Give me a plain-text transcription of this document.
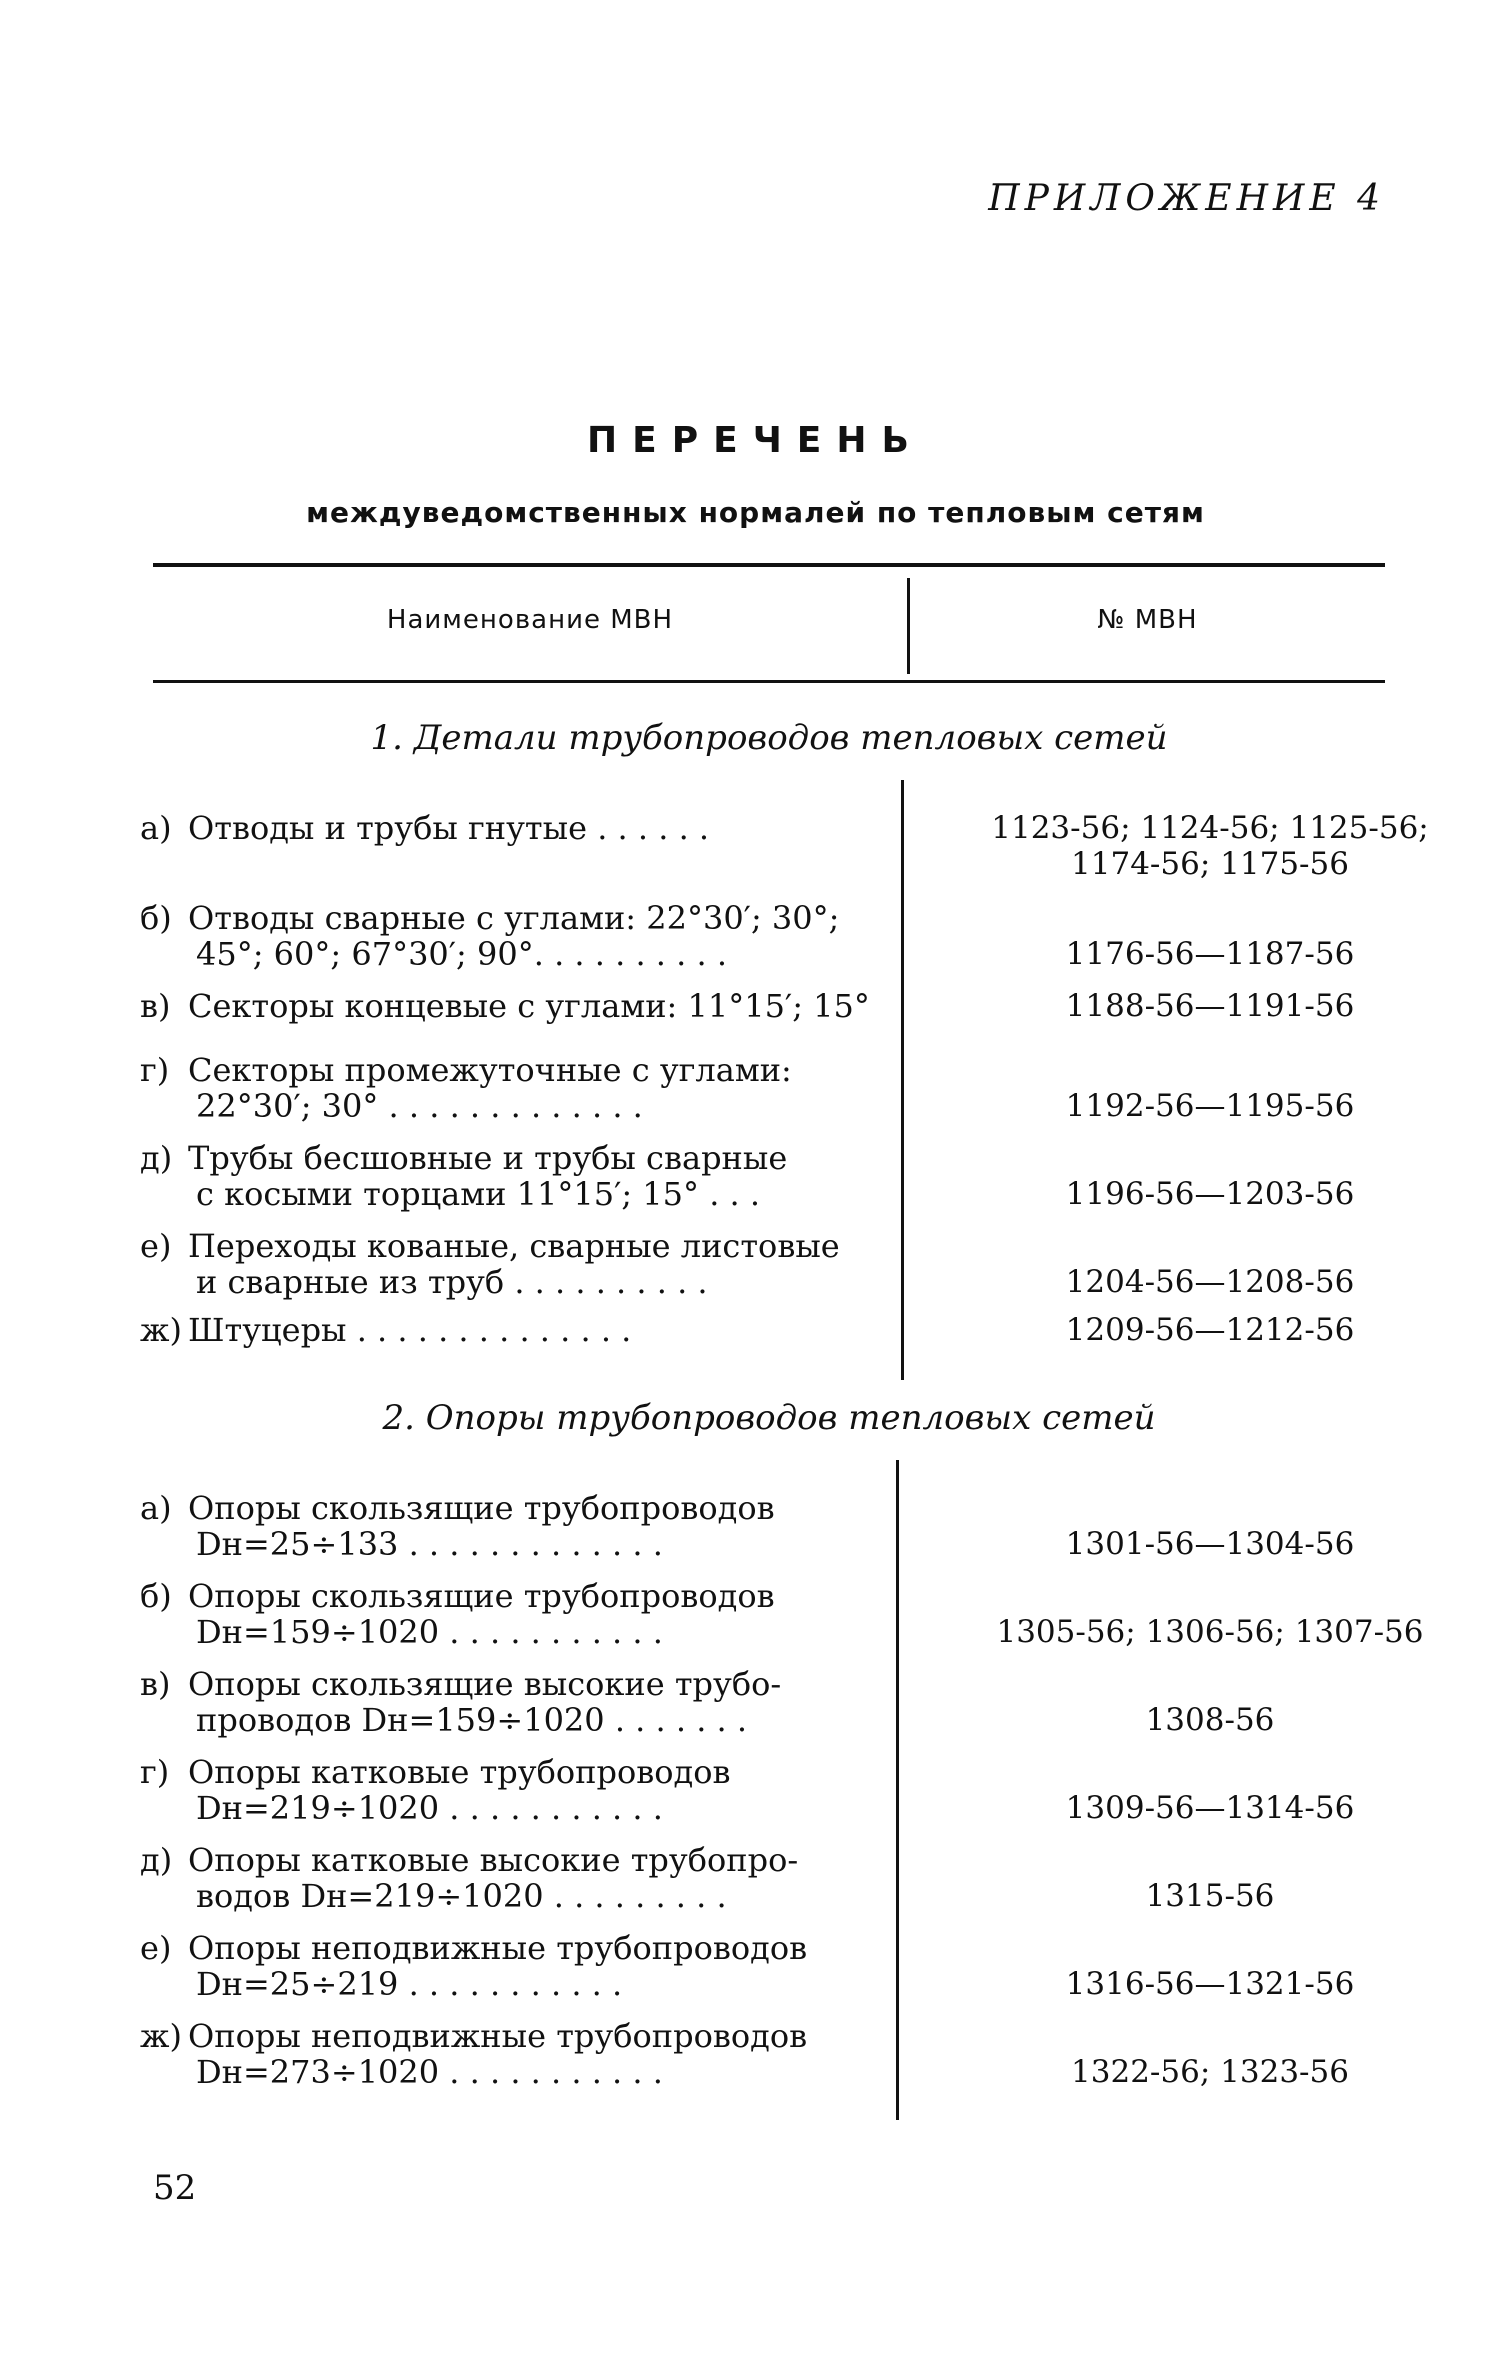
ПРИЛОЖЕНИЕ 4
ПЕРЕЧЕНЬ
междуведомственных нормалей по тепловым сетям
Наименование МВН	№ МВН
1. Детали трубопроводов тепловых сетей
а) Отводы и трубы гнутые . . . . . .	1123-56; 1124-56; 1125-56;
1174-56; 1175-56
б) Отводы сварные с углами: 22°30′; 30°;
45°; 60°; 67°30′; 90°. . . . . . . . . .	1176-56—1187-56
в) Секторы концевые с углами: 11°15′; 15°	1188-56—1191-56
г) Секторы промежуточные с углами:
22°30′; 30° . . . . . . . . . . . . .	1192-56—1195-56
д) Трубы бесшовные и трубы сварные
с косыми торцами 11°15′; 15° . . .	1196-56—1203-56
е) Переходы кованые, сварные листовые
и сварные из труб . . . . . . . . . .	1204-56—1208-56
ж) Штуцеры . . . . . . . . . . . . . .	1209-56—1212-56
2. Опоры трубопроводов тепловых сетей
а) Опоры скользящие трубопроводов
Dн=25÷133 . . . . . . . . . . . . .	1301-56—1304-56
б) Опоры скользящие трубопроводов
Dн=159÷1020 . . . . . . . . . . .	1305-56; 1306-56; 1307-56
в) Опоры скользящие высокие трубо-
проводов Dн=159÷1020 . . . . . . .	1308-56
г) Опоры катковые трубопроводов
Dн=219÷1020 . . . . . . . . . . .	1309-56—1314-56
д) Опоры катковые высокие трубопро-
водов Dн=219÷1020 . . . . . . . . .	1315-56
е) Опоры неподвижные трубопроводов
Dн=25÷219 . . . . . . . . . . .	1316-56—1321-56
ж) Опоры неподвижные трубопроводов
Dн=273÷1020 . . . . . . . . . . .	1322-56; 1323-56
52
